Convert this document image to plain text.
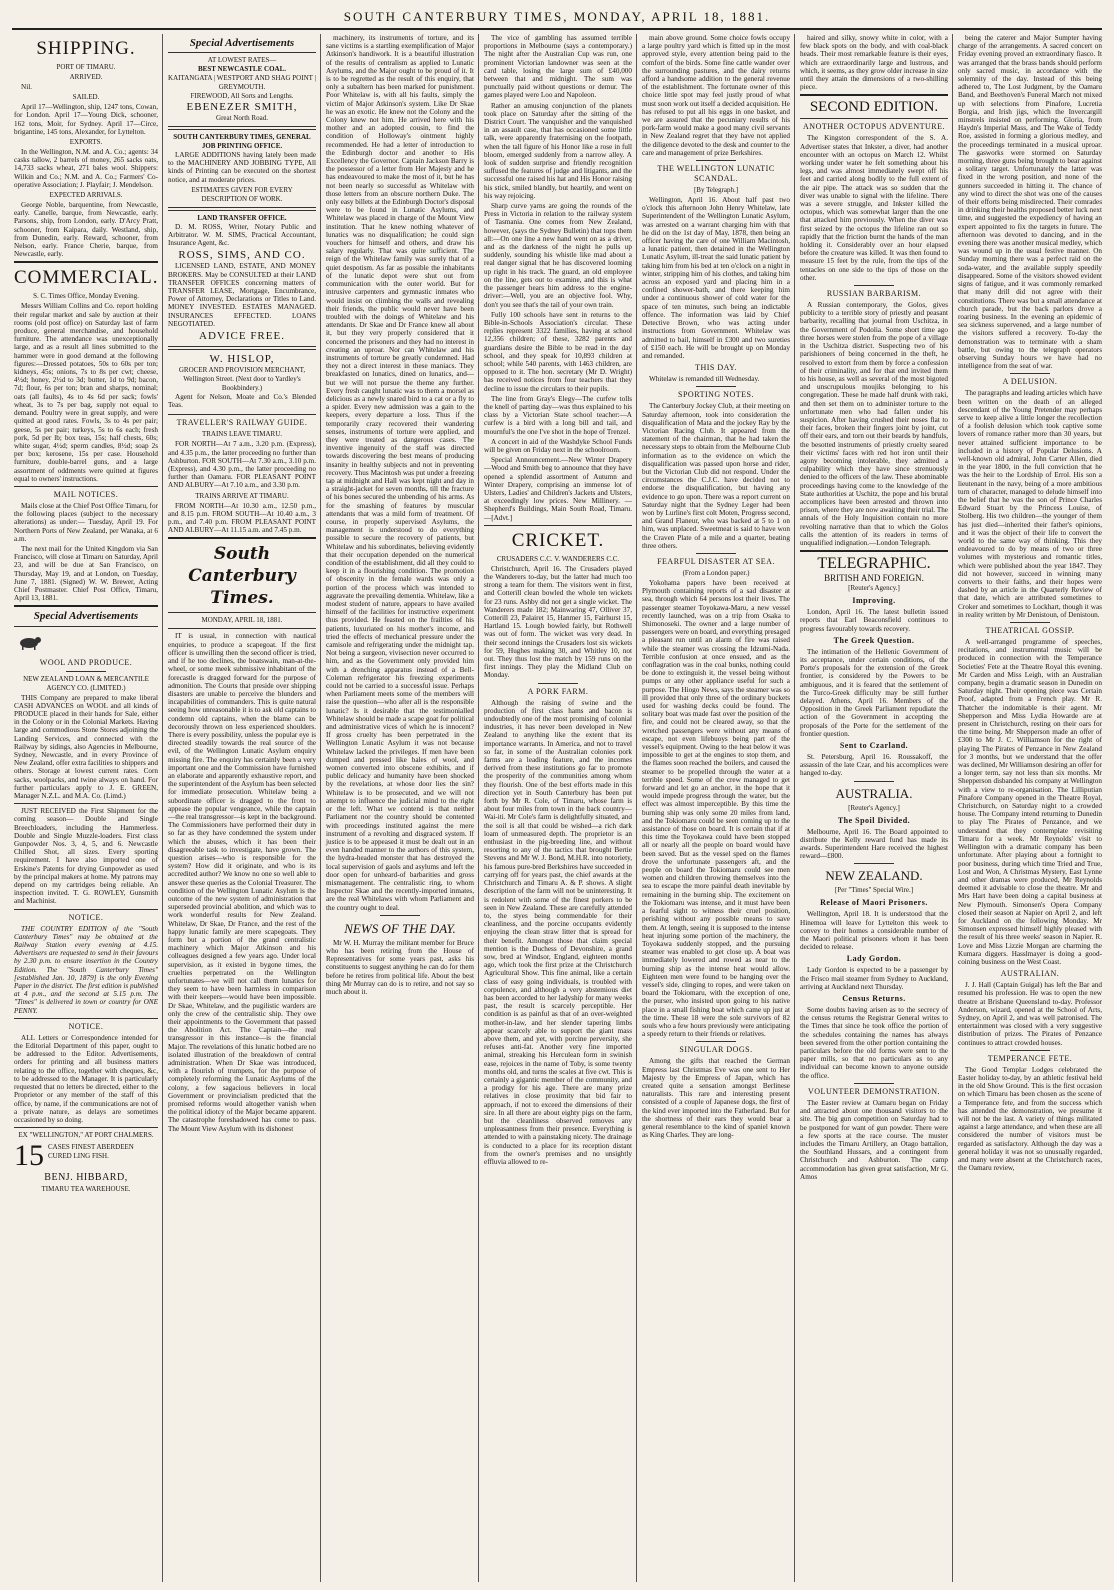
SOUTH CANTERBURY TIMES, MONDAY, APRIL 18, 1881.
SHIPPING.
PORT OF TIMARU.
ARRIVED.

Nil.

SAILED.

April 17—Wellington, ship, 1247 tons, Cowan, for London. April 17—Young Dick, schooner, 162 tons, Moir, for Sydney. April 17—Circe, brigantine, 145 tons, Alexander, for Lyttelton.

EXPORTS.

In the Wellington, N.M. and A. Co.; agents: 34 casks tallow, 2 barrels of money, 265 sacks oats, 14,733 sacks wheat, 271 bales wool. Shippers: Wilkin and Co.; N.M. and A. Co.; Farmers' Co-operative Association; J. Playfair; J. Mendelson.

EXPECTED ARRIVALS.

George Noble, barquentine, from Newcastle, early. Canelle, barque, from Newcastle, early. Parsons, ship, from London, early. D'Arcy Pratt, schooner, from Kaipara, daily. Westland, ship, from Dunedin, early. Reward, schooner, from Nelson, early. France Cherie, barque, from Newcastle, early.

COMMERCIAL.
S. C. Times Office, Monday Evening.

Messrs William Collins and Co. report holding their regular market and sale by auction at their rooms (old post office) on Saturday last of farm produce, general merchandise, and household furniture. The attendance was unexceptionally large, and as a result all lines submitted to the hammer were in good demand at the following figures:—Dressed potatoes, 50s to 60s per ton; kidneys, 45s; onions, 7s to 8s per cwt; cheese, 4½d; honey, 2½d to 3d; butter, 1d to 9d; bacon, 7d; flour, 6s per ton; bran and sharps, nominal; oats (all faults), 4s to 4s 6d per sack; fowls' wheat, 3s to 7s per bag, supply not equal to demand. Poultry were in great supply, and were quitted at good rates. Fowls, 3s to 4s per pair; geese, 5s per pair; turkeys, 5s to 6s each; fresh pork, 5d per lb; box teas, 15s; half chests, 60s; white sugar, 4½d; sperm candles, 8½d; soap 2s per box; kerosene, 15s per case. Household furniture, double-barrel guns, and a large assortment of oddments were quitted at figures equal to owners' instructions.

MAIL NOTICES.

Mails close at the Chief Post Office Timaru, for the following places (subject to the necessary alterations) as under:— Tuesday, April 19. For Northern Ports of New Zealand, per Wanaka, at 6 a.m.

The next mail for the United Kingdom via San Francisco, will close at Timaru on Saturday, April 23, and will be due at San Francisco, on Thursday, May 19, and at London, on Tuesday, June 7, 1881. (Signed) W. W. Brewer, Acting Chief Postmaster. Chief Post Office, Timaru, April 13, 1881.

Special Advertisements
WOOL AND PRODUCE.
NEW ZEALAND LOAN & MERCANTILE AGENCY CO. (LIMITED.)

THIS Company are prepared to make liberal CASH ADVANCES on WOOL and all kinds of PRODUCE placed in their hands for Sale, either in the Colony or in the Colonial Markets. Having large and commodious Stone Stores adjoining the Landing Services, and connected with the Railway by sidings, also Agencies in Melbourne, Sydney, Newcastle, and in every Province of New Zealand, offer extra facilities to shippers and others. Storage at lowest current rates. Corn sacks, woolpacks, and twine always on hand. For further particulars apply to J. E. GREEN, Manager N.Z.L. and M.A. Co. (Limd.)

JUST RECEIVED the First Shipment for the coming season— Double and Single Breechloaders, including the Hammerless. Double and Single Muzzle-loaders. First class Gunpowder Nos. 3, 4, 5, and 6. Newcastle Chilled Shot, all sizes. Every sporting requirement. I have also imported one of Erskine's Patents for drying Gunpowder as used by the principal makers at home. My patrons may depend on my cartridges being reliable. An inspection invited. T. G. ROWLEY, Gunsmith and Machinist.

NOTICE.

THE COUNTRY EDITION of the "South Canterbury Times" may be obtained at the Railway Station every evening at 4.15. Advertisers are requested to send in their favours by 2.30 p.m. to ensure insertion in the Country Edition. The "South Canterbury Times" [established Jan. 10, 1879] is the only Evening Paper in the district. The first edition is published at 4 p.m., and the second at 5.15 p.m. The "Times" is delivered in town or country for ONE PENNY.

NOTICE.

ALL Letters or Correspondence intended for the Editorial Department of this paper, ought to be addressed to the Editor. Advertisements, orders for printing and all business matters relating to the office, together with cheques, &c, to be addressed to the Manager. It is particularly requested that no letters be directed, either to the Proprietor or any member of the staff of this office, by name, if the communications are not of a private nature, as delays are sometimes occasioned by so doing.

EX "WELLINGTON," AT PORT CHALMERS.
15 CASES FINEST ABERDEEN CURED LING FISH.
BENJ. HIBBARD,
TIMARU TEA WAREHOUSE.
Special Advertisements
AT LOWEST RATES—
BEST NEWCASTLE COAL.
KAITANGATA | WESTPORT AND SHAG POINT | GREYMOUTH.
FIREWOOD, All Sorts and Lengths.
EBENEZER SMITH,
Great North Road.
SOUTH CANTERBURY TIMES, GENERAL JOB PRINTING OFFICE.

LARGE ADDITIONS having lately been made to the MACHINERY AND JOBBING TYPE, All kinds of Printing can be executed on the shortest notice, and at moderate prices.

ESTIMATES GIVEN FOR EVERY DESCRIPTION OF WORK.
LAND TRANSFER OFFICE.

D. M. ROSS, Writer, Notary Public and Arbitrator. W. M. SIMS, Practical Accountant, Insurance Agent, &c.

ROSS, SIMS, AND CO.

LICENSED LAND, ESTATE, AND MONEY BROKERS. May be CONSULTED at their LAND TRANSFER OFFICES concerning matters of TRANSFER LEASE, Mortgage, Encumbrance, Power of Attorney, Declarations or Titles to Land. MONEY INVESTED. ESTATES MANAGED. INSURANCES EFFECTED. LOANS NEGOTIATED.

ADVICE FREE.
W. HISLOP,
GROCER AND PROVISION MERCHANT, Wellington Street. (Next door to Yardley's Bookbindery.)

Agent for Nelson, Moate and Co.'s Blended Teas.

TRAVELLER'S RAILWAY GUIDE.
TRAINS LEAVE TIMARU.

FOR NORTH—At 7 a.m., 3.20 p.m. (Express), and 4.35 p.m., the latter proceeding no further than Ashburton. FOR SOUTH—At 7.30 a.m., 3.10 p.m. (Express), and 4.30 p.m., the latter proceeding no further than Oamaru. FOR PLEASANT POINT AND ALBURY—At 7.10 a.m., and 3.30 p.m.

TRAINS ARRIVE AT TIMARU.

FROM NORTH—At 10.30 a.m., 12.50 p.m., and 8.15 p.m. FROM SOUTH—At 10.40 a.m., 3 p.m., and 7.40 p.m. FROM PLEASANT POINT AND ALBURY—At 11.15 a.m. and 7.45 p.m.

South Canterbury Times.
MONDAY, APRIL 18, 1881.

IT is usual, in connection with nautical enquiries, to produce a scapegoat. If the first officer is unwilling then the second officer is tried, and if he too declines, the boatswain, man-at-the-wheel, or some meek submissive inhabitant of the forecastle is dragged forward for the purpose of admonition. The Courts that preside over shipping disasters are unable to perceive the blunders and incapabilities of commanders. This is quite natural seeing how unreasonable it is to ask old captains to condemn old captains, when the blame can be decorously thrown on less experienced shoulders. There is every possibility, unless the popular eye is directed steadily towards the real source of the evil, of the Wellington Lunatic Asylum enquiry missing fire. The enquiry has certainly been a very important one and the Commission have furnished an elaborate and apparently exhaustive report, and the superintendent of the Asylum has been selected for immediate prosecution. Whitelaw being a subordinate officer is dragged to the front to appease the popular vengeance, while the captain—the real transgressor—is kept in the background. The Commissioners have performed their duty in so far as they have condemned the system under which the abuses, which it has been their disagreeable task to investigate, have grown. The question arises—who is responsible for the system? How did it originate, and who is its accredited author? We know no one so well able to answer these queries as the Colonial Treasurer. The condition of the Wellington Lunatic Asylum is the outcome of the new system of administration that superseded provincial abolition, and which was to work wonderful results for New Zealand. Whitelaw, Dr Skae, Dr France, and the rest of the happy lunatic family are mere scapegoats. They form but a portion of the grand centralistic machinery which Major Atkinson and his colleagues designed a few years ago. Under local supervision, as it existed in bygone times, the cruelties perpetrated on the Wellington unfortunates—we will not call them lunatics for they seem to have been harmless in comparison with their keepers—would have been impossible. Dr Skae, Whitelaw, and the pugilistic warders are only the crew of the centralistic ship. They owe their appointments to the Government that passed the Abolition Act. The Captain—the real transgressor in this instance—is the financial Major. The revelations of this lunatic hotbed are no isolated illustration of the breakdown of central administration. When Dr Skae was introduced, with a flourish of trumpets, for the purpose of completely reforming the Lunatic Asylums of the colony, a few sagacious believers in local Government or provincialism predicted that the promised reforms would altogether vanish when the political idiotcy of the Major became apparent. The catastrophe foreshadowed has come to pass. The Mount View Asylum with its dishonest

machinery, its instruments of torture, and its sane victims is a startling exemplification of Major Atkinson's handiwork. It is a beautiful illustration of the results of centralism as applied to Lunatic Asylums, and the Major ought to be proud of it. It is to be regretted as the result of this enquiry, that only a subaltern has been marked for punishment. Poor Whitelaw is, with all his faults, simply the victim of Major Atkinson's system. Like Dr Skae he was an exotic. He knew not the Colony and the Colony knew not him. He arrived here with his mother and an adopted cousin, to find the condition of Holloway's ointment highly recommended. He had a letter of introduction to the Edinburgh doctor and another to His Excellency the Governor. Captain Jackson Barry is the possessor of a letter from Her Majesty and he has endeavoured to make the most of it, but he has not been nearly so successful as Whitelaw with those letters from an obscure northern Duke. The only easy billets at the Edinburgh Doctor's disposal were to be found in Lunatic Asylums, and Whitelaw was placed in charge of the Mount View institution. That he knew nothing whatever of lunatics was no disqualification; he could sign vouchers for himself and others, and draw his salary regularly. That was quite sufficient. The reign of the Whitelaw family was surely that of a quiet despotism. As far as possible the inhabitants of the lunatic depot were shut out from communication with the outer world. But for intrusive carpenters and gymnastic inmates who would insist on climbing the walls and revealing their friends, the public would never have been troubled with the doings of Whitelaw and his attendants. Dr Skae and Dr France knew all about it, but they very properly considered that it concerned the prisoners and they had no interest in creating an uproar. Nor can Whitelaw and his instruments of torture be greatly condemned. Had they not a direct interest in these maniacs. They breakfasted on lunatics, dined on lunatics, and—but we will not pursue the theme any further. Every fresh caught lunatic was to them a morsel as delicious as a newly snared bird to a cat or a fly to a spider. Every new admission was a gain to the keepers, every departure a loss. Thus if the temporarily crazy recovered their wandering senses, instruments of torture were applied, and they were treated as dangerous cases. The inventive ingenuity of the staff was directed towards discovering the best means of producing insanity in healthy subjects and not in preventing recovery. Thus Macintosh was put under a freezing tap at midnight and Hall was kept night and day in a straight-jacket for seven months, till the fracture of his bones secured the unbending of his arms. As for the smashing of features by muscular attendants that was a mild form of treatment. Of course, in properly supervised Asylums, the management is understood to do everything possible to secure the recovery of patients, but Whitelaw and his subordinates, believing evidently that their occupation depended on the numerical condition of the establishment, did all they could to keep it in a flourishing condition. The promotion of obscenity in the female wards was only a portion of the process which was intended to aggravate the prevailing dementia. Whitelaw, like a modest student of nature, appears to have availed himself of the facilities for instructive experiment thus provided. He feasted on the frailties of his patients, luxuriated on his mother's income, and tried the effects of mechanical pressure under the camisole and refrigerating under the midnight tap. Not being a surgeon, vivisection never occurred to him, and as the Government only provided him with a drenching apparatus instead of a Bell-Coleman refrigerator his freezing experiments could not be carried to a successful issue. Perhaps when Parliament meets some of the members will raise the question—who after all is the responsible lunatic? Is it desirable that the testimonialled Whitelaw should be made a scape goat for political and administrative vices of which he is innocent? If gross cruelty has been perpetrated in the Wellington Lunatic Asylum it was not because Whitelaw lacked the privileges. If men have been dumped and pressed like bales of wool, and women converted into obscene exhibits, and if public delicacy and humanity have been shocked by the revelations, at whose door lies the sin? Whitelaw is to be prosecuted, and we will not attempt to influence the judicial mind to the right or the left. What we contend is that neither Parliament nor the country should be contented with proceedings instituted against the mere instrument of a revolting and disgraced system. If justice is to be appeased it must be dealt out in an even handed manner to the authors of this system, the hydra-headed monster that has destroyed the local supervision of gaols and asylums and left the door open for unheard-of barbarities and gross mismanagement. The centralistic ring, to whom Inspector Skae and the recently-imported inmates, are the real Whitelaws with whom Parliament and the country ought to deal.

NEWS OF THE DAY.

Mr W. H. Murray the militant member for Bruce who has been retiring from the House of Representatives for some years past, asks his constituents to suggest anything he can do for them before he retires from political life. About the best thing Mr Murray can do is to retire, and not say so much about it.

The vice of gambling has assumed terrible proportions in Melbourne (says a contemporary.) The night after the Australian Cup was run, one prominent Victorian landowner was seen at the card table, losing the large sum of £40,000 between that and midnight. The sum was punctually paid without questions or demur. The games played were Loo and Napoleon.

Rather an amusing conjunction of the planets took place on Saturday after the sitting of the District Court. The vanquisher and the vanquished in an assault case, that has occasioned some little talk, were apparently fraternising on the footpath, when the tall figure of his Honor like a rose in full bloom, emerged suddenly from a narrow alley. A look of sudden surprise and friendly recognition suffused the features of judge and litigants, and the successful one raised his hat and His Honor raising his stick, smiled blandly, but heartily, and went on his way rejoicing.

Sharp curve yarns are going the rounds of the Press in Victoria in relation to the railway system of Tasmania. One comes from New Zealand, however, (says the Sydney Bulletin) that tops them all:—On one line a new hand went on as a driver, and as the darkness of the night he pulls up suddenly, sounding his whistle like mad about a real danger signal that he has discovered looming up right in his track. The guard, an old employee on the line, gets out to examine, and this is what the passenger hears him address to the engine-driver:—Well, you are an objective fool. Why, don't you see that's the tail of your own train.

Fully 100 schools have sent in returns to the Bible-in-Schools Association's circular. These replies represent 3322 families, having at school 12,356 children; of these, 3282 parents and guardians desire the Bible to be read in the day school, and they speak for 10,893 children at school; while 540 parents, with 1463 children, are opposed to it. The hon. secretary (Mr D. Wright) has received notices from four teachers that they decline to issue the circulars to their pupils.

The line from Gray's Elegy—The curfew tolls the knell of parting day—was thus explained to his class by a Victorian State school teacher:—A curfew is a bird with a long bill and tail, and mournful's the one I've shot in the hope of Trenzel.

A concert in aid of the Washdyke School Funds will be given on Friday next in the schoolroom.

Special Announcement.—New Winter Drapery—Wood and Smith beg to announce that they have opened a splendid assortment of Autumn and Winter Drapery, comprising an immense lot of Ulsters, Ladies' and Children's Jackets and Ulsters, at exceedingly low prices. New Millinery. —Shepherd's Buildings, Main South Road, Timaru.—[Advt.]

CRICKET.
CRUSADERS C.C. V. WANDERERS C.C.

Christchurch, April 16. The Crusaders played the Wanderers to-day, but the latter had much too strong a team for them. The visitors went in first, and Cotterill clean bowled the whole ten wickets for 23 runs. Ashby did not get a single wicket. The Wanderers made 182; Mainwaring 47, Olliver 37, Cotterill 23, Palairet 15, Hanmer 15, Fairhurst 15, Hartland 15. Lough bowled fairly, but Rothwell was out of form. The wicket was very dead. In their second innings the Crusaders lost six wickets for 59, Hughes making 30, and Whitley 10, not out. They thus lost the match by 159 runs on the first innings. They play the Midland Club on Monday.

A PORK FARM.

Although the raising of swine and the production of first class hams and bacon is undoubtedly one of the most promising of colonial industries, it has never been developed in New Zealand to anything like the extent that its importance warrants. In America, and not to travel so far, in some of the Australian colonies pork farms are a leading feature, and the incomes derived from these institutions go far to promote the prosperity of the communities among whom they flourish. One of the best efforts made in this direction yet in South Canterbury has been put forth by Mr R. Cole, of Timaru, whose farm is about four miles from town in the back country—Wai-iti. Mr Cole's farm is delightfully situated, and the soil is all that could be wished—a rich dark loam of unmeasured depth. The proprietor is an enthusiast in the pig-breeding line, and without resorting to any of the tactics that brought Bertie Stevens and Mr W. J. Bond, M.H.R. into notoriety, his famous pure-bred Berkshires have succeeded in carrying off for years past, the chief awards at the Christchurch and Timaru A. & P. shows. A slight description of the farm will not be uninteresting. It is redolent with some of the finest porkers to be seen in New Zealand. These are carefully attended to, the styes being commendable for their cleanliness, and the porcine occupants evidently enjoying the clean straw litter that is spread for their benefit. Amongst those that claim special mention is the Duchess of Devonshire, a grand sow, bred at Windsor, England, eighteen months ago, which took the first prize at the Christchurch Agricultural Show. This fine animal, like a certain class of easy going individuals, is troubled with corpulence, and although a very abstemious diet has been accorded to her ladyship for many weeks past, the result is scarcely perceptible. Her condition is as painful as that of an over-weighted mother-in-law, and her slender tapering limbs appear scarcely able to support the giant mass above them, and yet, with porcine perversity, she refuses anti-fat. Another very fine imported animal, streaking his Herculean form in swinish ease, rejoices in the name of Toby, is some twenty months old, and turns the scales at five cwt. This is certainly a gigantic member of the community, and a prodigy for his age. There are many prize relatives in close proximity that bid fair to approach, if not to exceed the dimensions of their sire. In all there are about eighty pigs on the farm, but the cleanliness observed removes any unpleasantness from their presence. Everything is attended to with a painstaking nicety. The drainage is conducted to a place for its reception distant from the owner's premises and no unsightly effluvia allowed to re-

main above ground. Some choice fowls occupy a large poultry yard which is fitted up in the most approved style, every attention being paid to the comfort of the birds. Some fine cattle wander over the surrounding pastures, and the dairy returns afford a handsome addition to the general revenue of the establishment. The fortunate owner of this choice little spot may feel justly proud of what must soon work out itself a decided acquisition. He has refused to put all his eggs in one basket, and we are assured that the pecuniary results of his pork-farm would make a good many civil servants in New Zealand regret that they have not applied the diligence devoted to the desk and counter to the care and management of prize Berkshires.

THE WELLINGTON LUNATIC SCANDAL.
[By Telegraph.]

Wellington, April 16. About half past two o'clock this afternoon John Henry Whitelaw, late Superintendent of the Wellington Lunatic Asylum, was arrested on a warrant charging him with that he did on the 1st day of May, 1878, then being an officer having the care of one William Macintosh, a lunatic patient, then detained in the Wellington Lunatic Asylum, ill-treat the said lunatic patient by taking him from his bed at ten o'clock on a night in winter, stripping him of his clothes, and taking him across an exposed yard and placing him in a confined shower-bath, and there keeping him under a continuous shower of cold water for the space of ten minutes, such being an indictable offence. The information was laid by Chief Detective Brown, who was acting under instructions from Government. Whitelaw was admitted to bail, himself in £300 and two sureties of £150 each. He will be brought up on Monday and remanded.

THIS DAY.

Whitelaw is remanded till Wednesday.

SPORTING NOTES.

The Canterbury Jockey Club, at their meeting on Saturday afternoon, took into consideration the disqualification of Mata and the jockey Ray by the Victorian Racing Club. It appeared from the statement of the chairman, that he had taken the necessary steps to obtain from the Melbourne Club information as to the evidence on which the disqualification was passed upon horse and rider, but the Victorian Club did not respond. Under the circumstances the C.J.C. have decided not to endorse the disqualification, but having any evidence to go upon. There was a report current on Saturday night that the Sydney Leger had been won by Lurline's first colt Moten, Progress second, and Grand Flaneur, who was backed at 5 to 1 on him, was unplaced. Sweetmeat is said to have won the Craven Plate of a mile and a quarter, beating three others.

FEARFUL DISASTER AT SEA.
(From a London paper.)

Yokohama papers have been received at Plymouth containing reports of a sad disaster at sea, through which 64 persons lost their lives. The passenger steamer Toyokawa-Maru, a new vessel recently launched, was on a trip from Osaka to Shimonoseki. The owner and a large number of passengers were on board, and everything presaged a pleasant run until an alarm of fire was raised while the steamer was crossing the Idzumi-Nada. Terrible confusion at once ensued, and as the conflagration was in the coal bunks, nothing could be done to extinguish it, the vessel being without pumps or any other appliance useful for such a purpose. The Hiogo News, says the steamer was so ill provided that only three of the ordinary buckets used for washing decks could be found. The solitary boat was made fast over the position of the fire, and could not be cleared away, so that the wretched passengers were without any means of escape, not even lifebuoys being part of the vessel's equipment. Owing to the heat below it was impossible to get at the engines to stop them, and the flames soon reached the boilers, and caused the steamer to be propelled through the water at a terrible speed. Some of the crew managed to get forward and let go an anchor, in the hope that it would impede progress through the water, but the effect was almost imperceptible. By this time the burning ship was only some 20 miles from land, and the Tokiomaru could be seen coming up to the assistance of those on board. It is certain that if at this time the Toyokawa could have been stopped all or nearly all the people on board would have been saved. But as the vessel sped on the flames drove the unfortunate passengers aft, and the people on board the Tokiomaru could see men women and children throwing themselves into the sea to escape the more painful death inevitable by remaining in the burning ship. The excitement on the Tokiomaru was intense, and it must have been a fearful sight to witness their cruel position, perishing without any possible means to save them. At length, seeing it is supposed to the intense heat injuring some portion of the machinery, the Toyokawa suddenly stopped, and the pursuing steamer was enabled to get close up. A boat was immediately lowered and rowed as near to the burning ship as the intense heat would allow. Eighteen men were found to be hanging over the vessel's side, clinging to ropes, and were taken on board the Tokiomaru, with the exception of one, the purser, who insisted upon going to his native place in a small fishing boat which came up just at the time. These 18 were the sole survivors of 82 souls who a few hours previously were anticipating a speedy return to their friends or relatives.

SINGULAR DOGS.

Among the gifts that reached the German Empress last Christmas Eve was one sent to Her Majesty by the Empress of Japan, which has created quite a sensation amongst Berlinese naturalists. This rare and interesting present consisted of a couple of Japanese dogs, the first of the kind ever imported into the Fatherland. But for the shortness of their ears they would bear a general resemblance to the kind of spaniel known as King Charles. They are long-

haired and silky, snowy white in color, with a few black spots on the body, and with coal-black heads. Their most remarkable feature is their eyes, which are extraordinarily large and lustrous, and which, it seems, as they grow older increase in size until they attain the dimensions of a two-shilling piece.

SECOND EDITION.
ANOTHER OCTOPUS ADVENTURE.

The Kingston correspondent of the S. A. Advertiser states that Inkster, a diver, had another encounter with an octopus on March 12. Whilst working under water he felt something about his legs, and was almost immediately swept off his feet and carried along bodily to the full extent of the air pipe. The attack was so sudden that the diver was unable to signal with the lifeline. There was a severe struggle, and Inkster killed the octopus, which was somewhat larger than the one that attacked him previously. When the diver was first seized by the octopus the lifeline ran out so rapidly that the friction burnt the hands of the man holding it. Considerably over an hour elapsed before the creature was killed. It was then found to measure 15 feet by the rule, from the tips of the tentacles on one side to the tips of those on the other.

RUSSIAN BARBARISM.

A Russian contemporary, the Golos, gives publicity to a terrible story of priestly and peasant barbarity, recalling that journal from Uschitza, in the Government of Podolia. Some short time ago three horses were stolen from the pope of a village in the Uschitza district. Suspecting two of his parishioners of being concerned in the theft, he resolved to extort from them by force a confession of their criminality, and for that end invited them to his house, as well as several of the most bigoted and unscrupulous moujiks belonging to his congregation. These he made half drunk with raki, and then set them on to administer torture to the unfortunate men who had fallen under his suspicion. After having crushed their noses flat to their faces, broken their fingers joint by joint, cut off their ears, and torn out their beards by handfuls, the besotted instruments of priestly cruelty seared their victims' faces with red hot iron until their agony becoming intolerable, they admitted a culpability which they have since strenuously denied to the officers of the law. These abominable proceedings having come to the knowledge of the State authorities at Uschitz, the pope and his brutal accomplices have been arrested and thrown into prison, where they are now awaiting their trial. The annals of the Holy Inquisition contain no more revolting narrative than that to which the Golos calls the attention of its readers in terms of unqualified indignation.—London Telegraph.

TELEGRAPHIC.
BRITISH AND FOREIGN.
[Reuter's Agency.]
Improving.

London, April 16. The latest bulletin issued reports that Earl Beaconsfield continues to progress favourably towards recovery.

The Greek Question.

The intimation of the Hellenic Government of its acceptance, under certain conditions, of the Porte's proposals for the extension of the Greek frontier, is considered by the Powers to be ambiguous, and it is feared that the settlement of the Turco-Greek difficulty may be still further delayed. Athens, April 16. Members of the Opposition in the Greek Parliament repudiate the action of the Government in accepting the proposals of the Porte for the settlement of the frontier question.

Sent to Czarland.

St. Petersburg, April 16. Roussakoff, the assassin of the late Czar, and his accomplices were hanged to-day.

AUSTRALIA.
[Reuter's Agency.]
The Spoil Divided.

Melbourne, April 16. The Board appointed to distribute the Kelly reward fund has made its awards. Superintendent Hare received the highest reward—£800.

NEW ZEALAND.
[Per "Times" Special Wire.]
Release of Maori Prisoners.

Wellington, April 18. It is understood that the Hinemoa will leave for Lyttelton this week to convey to their homes a considerable number of the Maori political prisoners whom it has been decided to release.

Lady Gordon.

Lady Gordon is expected to be a passenger by the Frisco mail steamer from Sydney to Auckland, arriving at Auckland next Thursday.

Census Returns.

Some doubts having arisen as to the secrecy of the census returns the Registrar General writes to the Times that since he took office the portion of the schedules containing the names has always been severed from the other portion containing the particulars before the old forms were sent to the paper mills, so that no particulars as to any individual can become known to anyone outside the office.

VOLUNTEER DEMONSTRATION.

The Easter review at Oamaru began on Friday and attracted about one thousand visitors to the site. The big gun competition on Saturday had to be postponed for want of gun powder. There were a few sports at the race course. The muster includes the Timaru Artillery, an Otago battalion, the Southland Hussars, and a contingent from Christchurch and Ashburton. The camp accommodation has given great satisfaction, Mr G. Amos

being the caterer and Major Sumpter having charge of the arrangements. A sacred concert on Friday evening proved an extraordinary fiasco. It was arranged that the brass bands should perform only sacred music, in accordance with the solemnity of the day. Instead of this being adhered to, The Lost Judgment, by the Oamaru Band, and Beethoven's Funeral March not mixed up with selections from Pinafore, Lucretia Borgia, and Irish jigs, which the Invercargill minstrels insisted on performing. Gloria, from Haydn's Imperial Mass, and The Wake of Teddy Roe, assisted in forming a glorious medley, and the proceedings terminated in a musical uproar. The gasworks were stormed on Saturday morning, three guns being brought to bear against a solitary target. Unfortunately the latter was fixed in the wrong position, and none of the gunners succeeded in hitting it. The chance of any wind to direct the shot was one of the causes of their efforts being misdirected. Their comrades in drinking their healths proposed better luck next time, and suggested the expediency of having an expert appointed to fix the targets in future. The afternoon was devoted to dancing, and in the evening there was another musical medley, which was wound up in the usual festive manner. On Sunday morning there was a perfect raid on the soda-water, and the available supply speedily disappeared. Some of the visitors showed evident signs of fatigue, and it was commonly remarked that many drill did not agree with their constitutions. There was but a small attendance at church parade, but the back parlors drove a roaring business. In the evening an epidemic of sea sickness supervened, and a large number of the visitors suffered a recovery. To-day the demonstration was to terminate with a sham battle, but owing to the telegraph operators observing Sunday hours we have had no intelligence from the seat of war.

A DELUSION.

The paragraphs and leading articles which have been written on the death of an alleged descendant of the Young Pretender may perhaps serve to keep alive a little longer the recollection of a foolish delusion which took captive some lovers of romance rather more than 30 years, but never attained sufficient importance to be included in a history of Popular Delusions. A well-known old admiral, John Carter Allen, died in the year 1800, in the full conviction that he was the heir to the Lordship of Errol. His son a lieutenant in the navy, being of a more ambitious turn of character, managed to delude himself into the belief that he was the son of Prince Charles Edward Stuart by the Princess Louise, of Stolberg. His two children—the younger of them has just died—inherited their father's opinions, and it was the object of their life to convert the world to the same way of thinking. This they endeavoured to do by means of two or three volumes with mysterious and romantic titles, which were published about the year 1847. They did not however, succeed in winning many converts to their faiths, and their hopes were dashed by an article in the Quarterly Review of that date, which are attributed sometimes to Croker and sometimes to Lockhart, though it was in reality written by Mr Denistoun, of Denistoun.

THEATRICAL GOSSIP.

A well-arranged programme of speeches, recitations, and instrumental music will be produced in connection with the Temperance Societies' Fete at the Theatre Royal this evening. Mr Carden and Miss Leigh, with an Australian company, begin a dramatic season in Dunedin on Saturday night. Their opening piece was Certain Proof, adapted from a French play. Mr R. Thatcher the indomitable is their agent. Mr Shepperson and Miss Lydia Howarde are at present in Christchurch, resting on their oars for the time being. Mr Shepperson made an offer of £300 to Mr J. C. Williamson for the right of playing The Pirates of Penzance in New Zealand for 3 months, but we understand that the offer was declined, Mr Williamson desiring an offer for a longer term, say not less than six months. Mr Shepperson disbanded his company at Wellington with a view to re-organisation. The Lilliputian Pinafore Company opened in the Theatre Royal, Christchurch, on Saturday night to a crowded house. The Company intend returning to Dunedin to play The Pirates of Penzance, and we understand that they contemplate revisiting Timaru for a week. Mr Reynolds' visit to Wellington with a dramatic company has been unfortunate. After playing about a fortnight to poor business, during which time Tried and True, Lost and Won, A Christmas Mystery, East Lynne and other dramas were produced, Mr Reynolds deemed it advisable to close the theatre. Mr and Mrs Hart have been doing a capital business at New Plymouth. Simonsen's Opera Company closed their season at Napier on April 2, and left for Auckland on the following Monday. Mr Simonsen expressed himself highly pleased with the result of his three weeks' season in Napier. R. Love and Miss Lizzie Morgan are charming the Kumara diggers. Hasslmayer is doing a good-coining business on the West Coast.

AUSTRALIAN.

J. J. Hall (Captain Guigal) has left the Bar and resumed his profession. He was to open the new theatre at Brisbane Queensland to-day. Professor Anderson, wizard, opened at the School of Arts, Sydney, on April 2, and was well patronised. The entertainment was closed with a very suggestive distribution of prizes. The Pirates of Penzance continues to attract crowded houses.

TEMPERANCE FETE.

The Good Templar Lodges celebrated the Easter holiday to-day, by an athletic festival held in the old Show Ground. This is the first occasion on which Timaru has been chosen as the scene of a Temperance fete, and from the success which has attended the demonstration, we presume it will not be the last. A variety of things militated against a large attendance, and when these are all considered the number of visitors must be regarded as satisfactory. Although the day was a general holiday it was not so unusually regarded, and many were absent at the Christchurch races, the Oamaru review,
